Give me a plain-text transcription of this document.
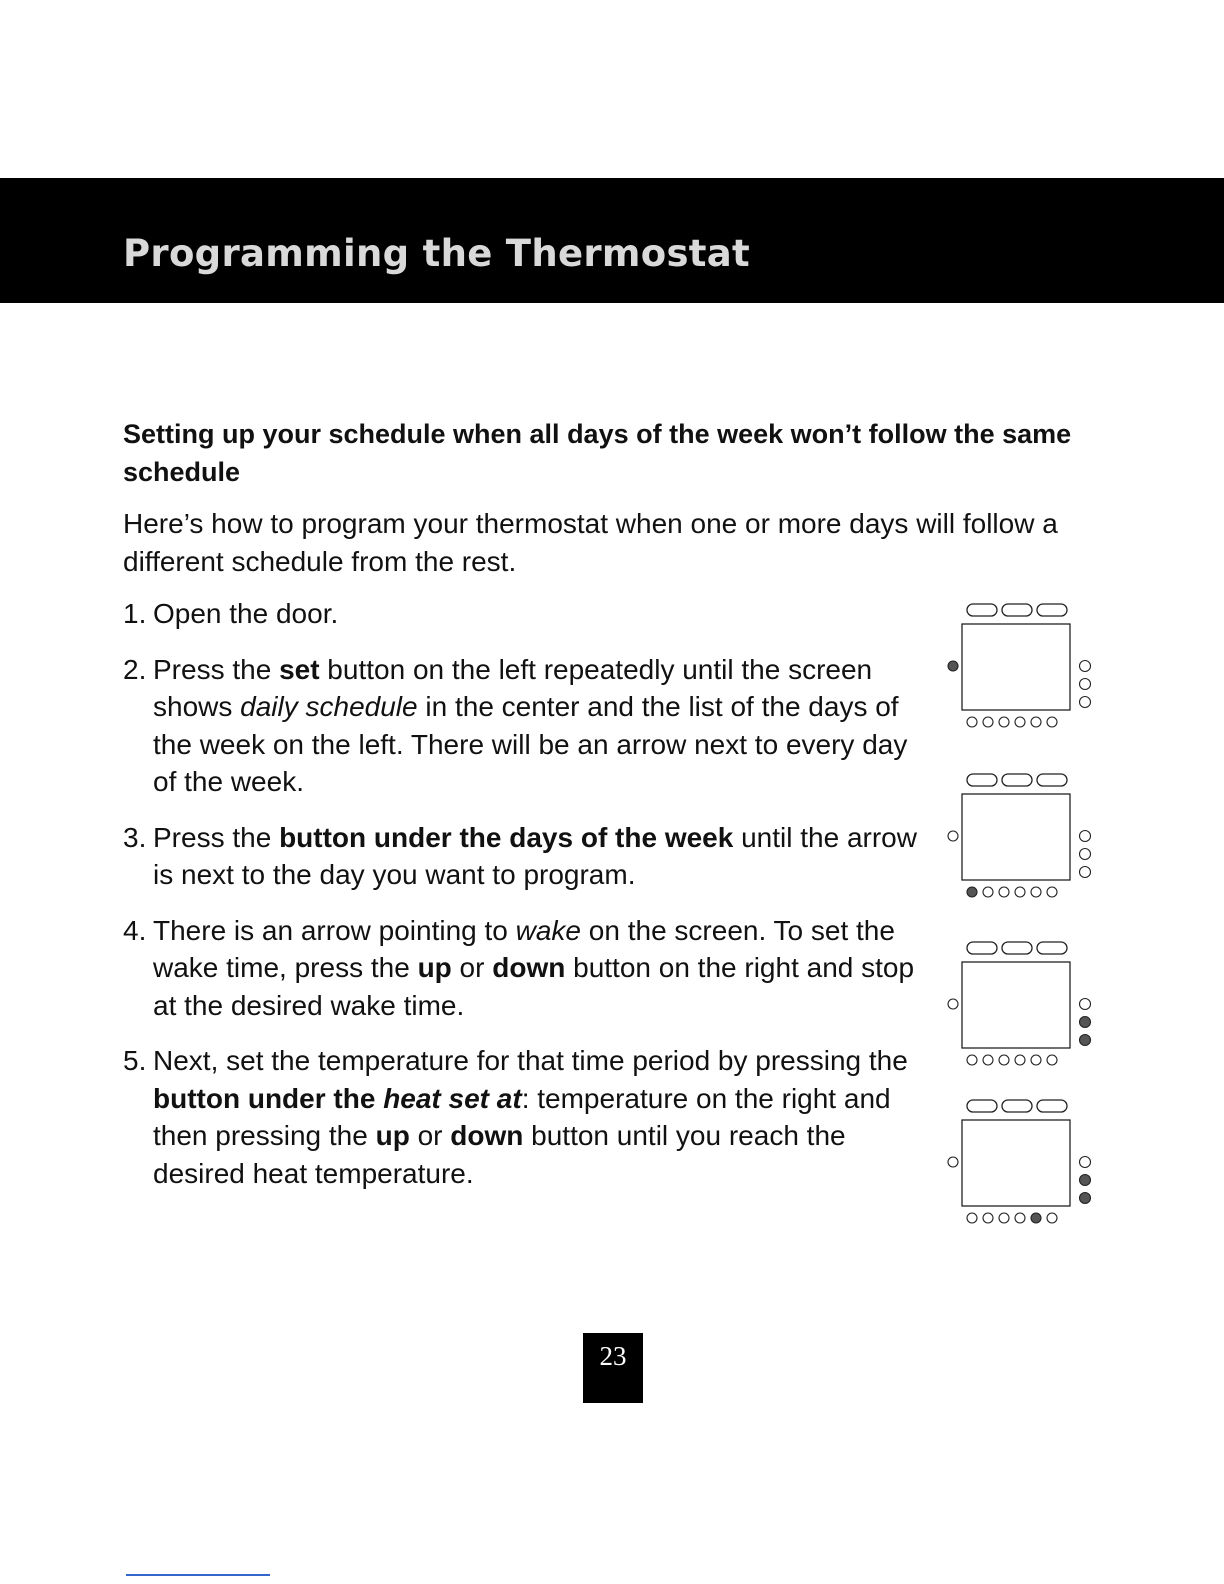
Programming the Thermostat
Setting up your schedule when all days of the week won’t follow the same schedule

Here’s how to program your thermostat when one or more days will follow a different schedule from the rest.

1. Open the door.
2. Press the set button on the left repeatedly until the screen shows daily schedule in the center and the list of the days of the week on the left. There will be an arrow next to every day of the week.
3. Press the button under the days of the week until the arrow is next to the day you want to program.
4. There is an arrow pointing to wake on the screen. To set the wake time, press the up or down button on the right and stop at the desired wake time.
5. Next, set the temperature for that time period by pressing the button under the heat set at: temperature on the right and then pressing the up or down button until you reach the desired heat temperature.
23
